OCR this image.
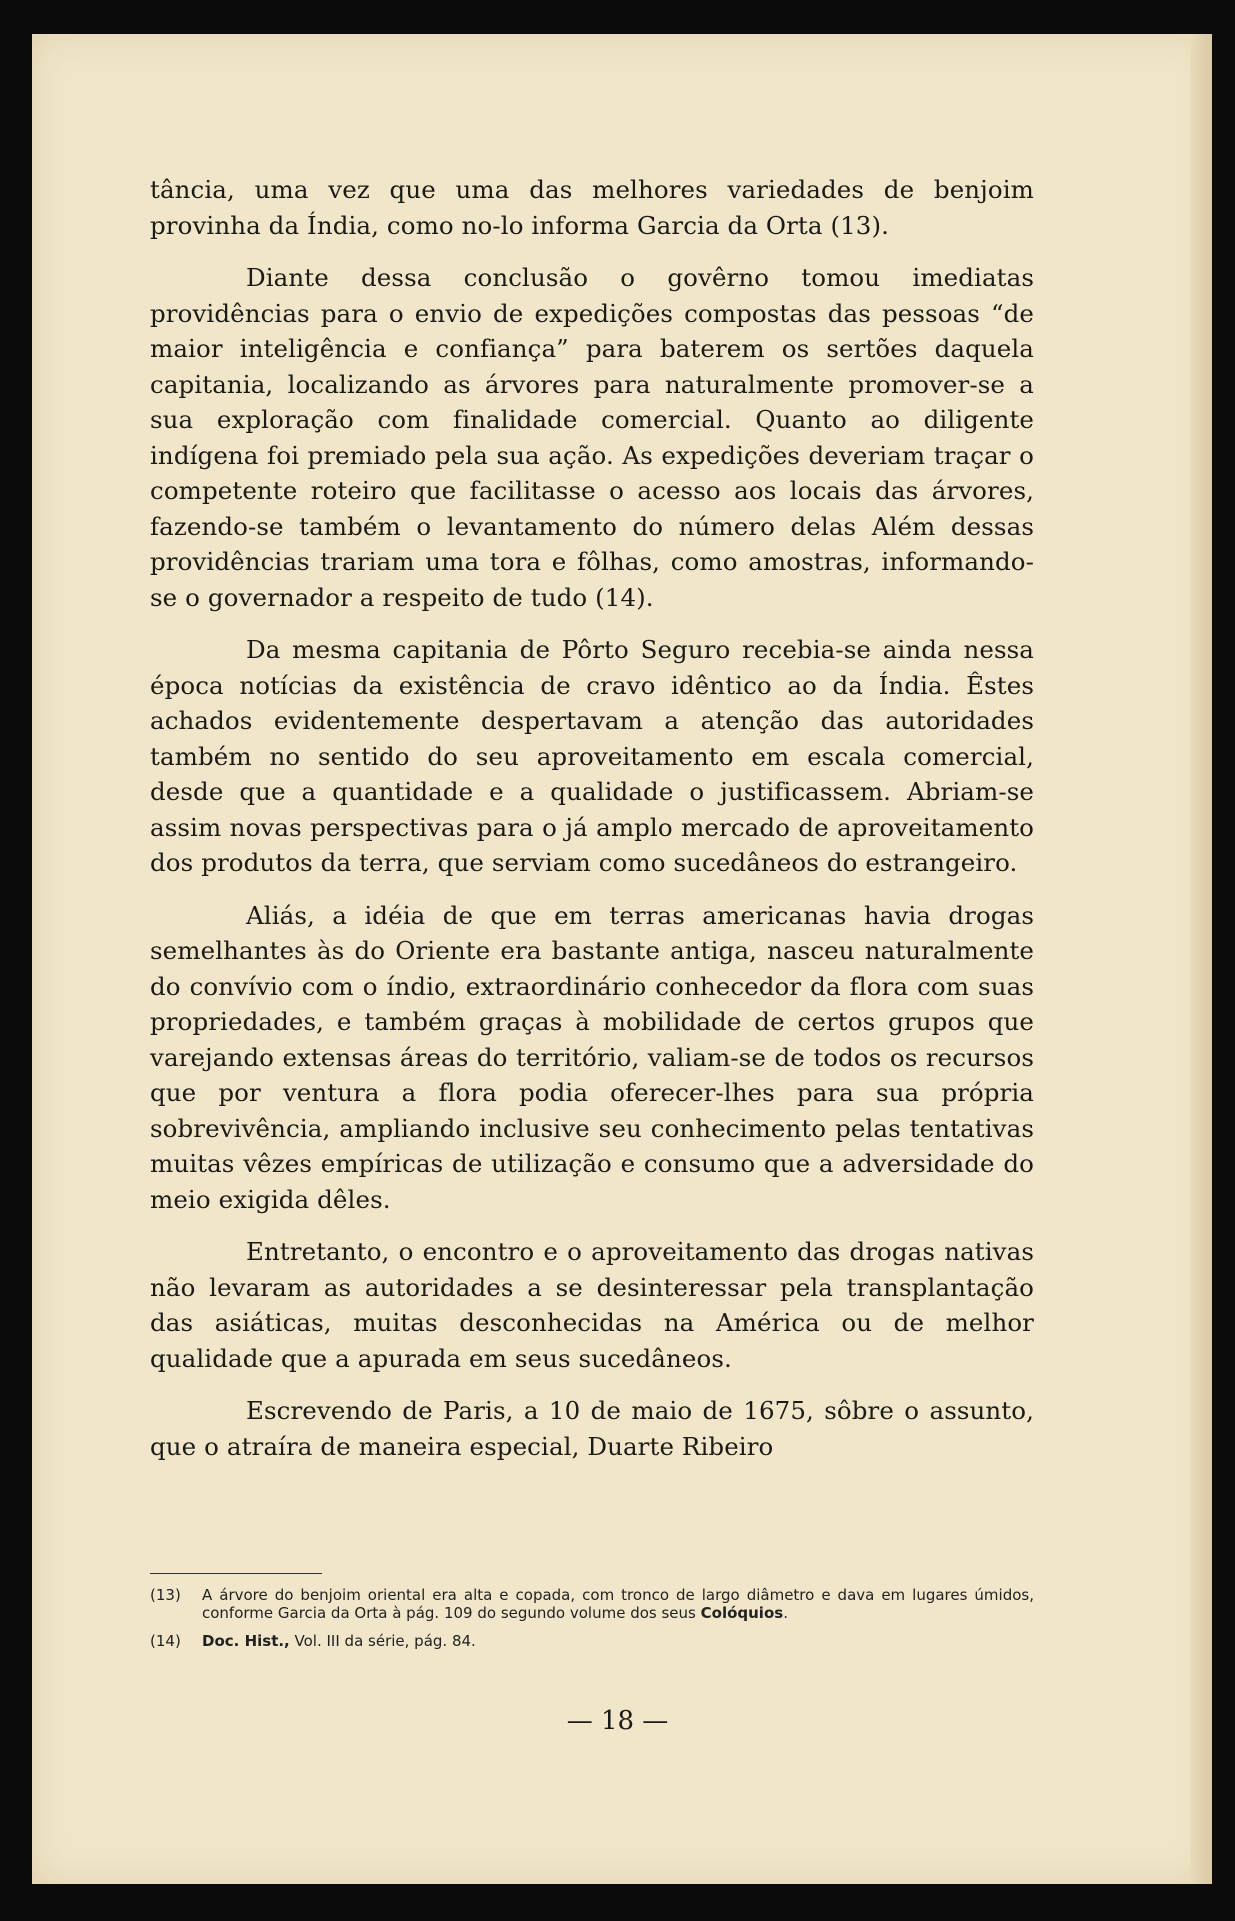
tância, uma vez que uma das melhores variedades de benjoim provinha da Índia, como no-lo informa Garcia da Orta (13).

Diante dessa conclusão o govêrno tomou imediatas providências para o envio de expedições compostas das pessoas “de maior inteligência e confiança” para baterem os sertões daquela capitania, localizando as árvores para naturalmente promover-se a sua exploração com finalidade comercial. Quanto ao diligente indígena foi premiado pela sua ação. As expedições deveriam traçar o competente roteiro que facilitasse o acesso aos locais das árvores, fazendo-se também o levantamento do número delas Além dessas providências trariam uma tora e fôlhas, como amostras, informando-se o governador a respeito de tudo (14).

Da mesma capitania de Pôrto Seguro recebia-se ainda nessa época notícias da existência de cravo idêntico ao da Índia. Êstes achados evidentemente despertavam a atenção das autoridades também no sentido do seu aproveitamento em escala comercial, desde que a quantidade e a qualidade o justificassem. Abriam-se assim novas perspectivas para o já amplo mercado de aproveitamento dos produtos da terra, que serviam como sucedâneos do estrangeiro.

Aliás, a idéia de que em terras americanas havia drogas semelhantes às do Oriente era bastante antiga, nasceu naturalmente do convívio com o índio, extraordinário conhecedor da flora com suas propriedades, e também graças à mobilidade de certos grupos que varejando extensas áreas do território, valiam-se de todos os recursos que por ventura a flora podia oferecer-lhes para sua própria sobrevivência, ampliando inclusive seu conhecimento pelas tentativas muitas vêzes empíricas de utilização e consumo que a adversidade do meio exigida dêles.

Entretanto, o encontro e o aproveitamento das drogas nativas não levaram as autoridades a se desinteressar pela transplantação das asiáticas, muitas desconhecidas na América ou de melhor qualidade que a apurada em seus sucedâneos.

Escrevendo de Paris, a 10 de maio de 1675, sôbre o assunto, que o atraíra de maneira especial, Duarte Ribeiro

(13)	A árvore do benjoim oriental era alta e copada, com tronco de largo diâmetro e dava em lugares úmidos, conforme Garcia da Orta à pág. 109 do segundo volume dos seus Colóquios.
(14)	Doc. Hist., Vol. III da série, pág. 84.
— 18 —
